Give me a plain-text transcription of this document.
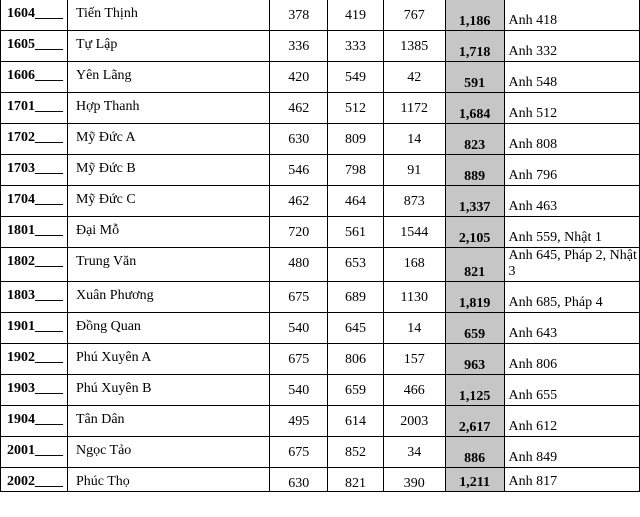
1604____	Tiến Thịnh	378	419	767	1,186	Anh 418
1605____	Tự Lập	336	333	1385	1,718	Anh 332
1606____	Yên Lãng	420	549	42	591	Anh 548
1701____	Hợp Thanh	462	512	1172	1,684	Anh 512
1702____	Mỹ Đức A	630	809	14	823	Anh 808
1703____	Mỹ Đức B	546	798	91	889	Anh 796
1704____	Mỹ Đức C	462	464	873	1,337	Anh 463
1801____	Đại Mỗ	720	561	1544	2,105	Anh 559, Nhật 1
1802____	Trung Văn	480	653	168	821	Anh 645, Pháp 2, Nhật 3
1803____	Xuân Phương	675	689	1130	1,819	Anh 685, Pháp 4
1901____	Đồng Quan	540	645	14	659	Anh 643
1902____	Phú Xuyên A	675	806	157	963	Anh 806
1903____	Phú Xuyên B	540	659	466	1,125	Anh 655
1904____	Tân Dân	495	614	2003	2,617	Anh 612
2001____	Ngọc Tảo	675	852	34	886	Anh 849
2002____	Phúc Thọ	630	821	390	1,211	Anh 817
